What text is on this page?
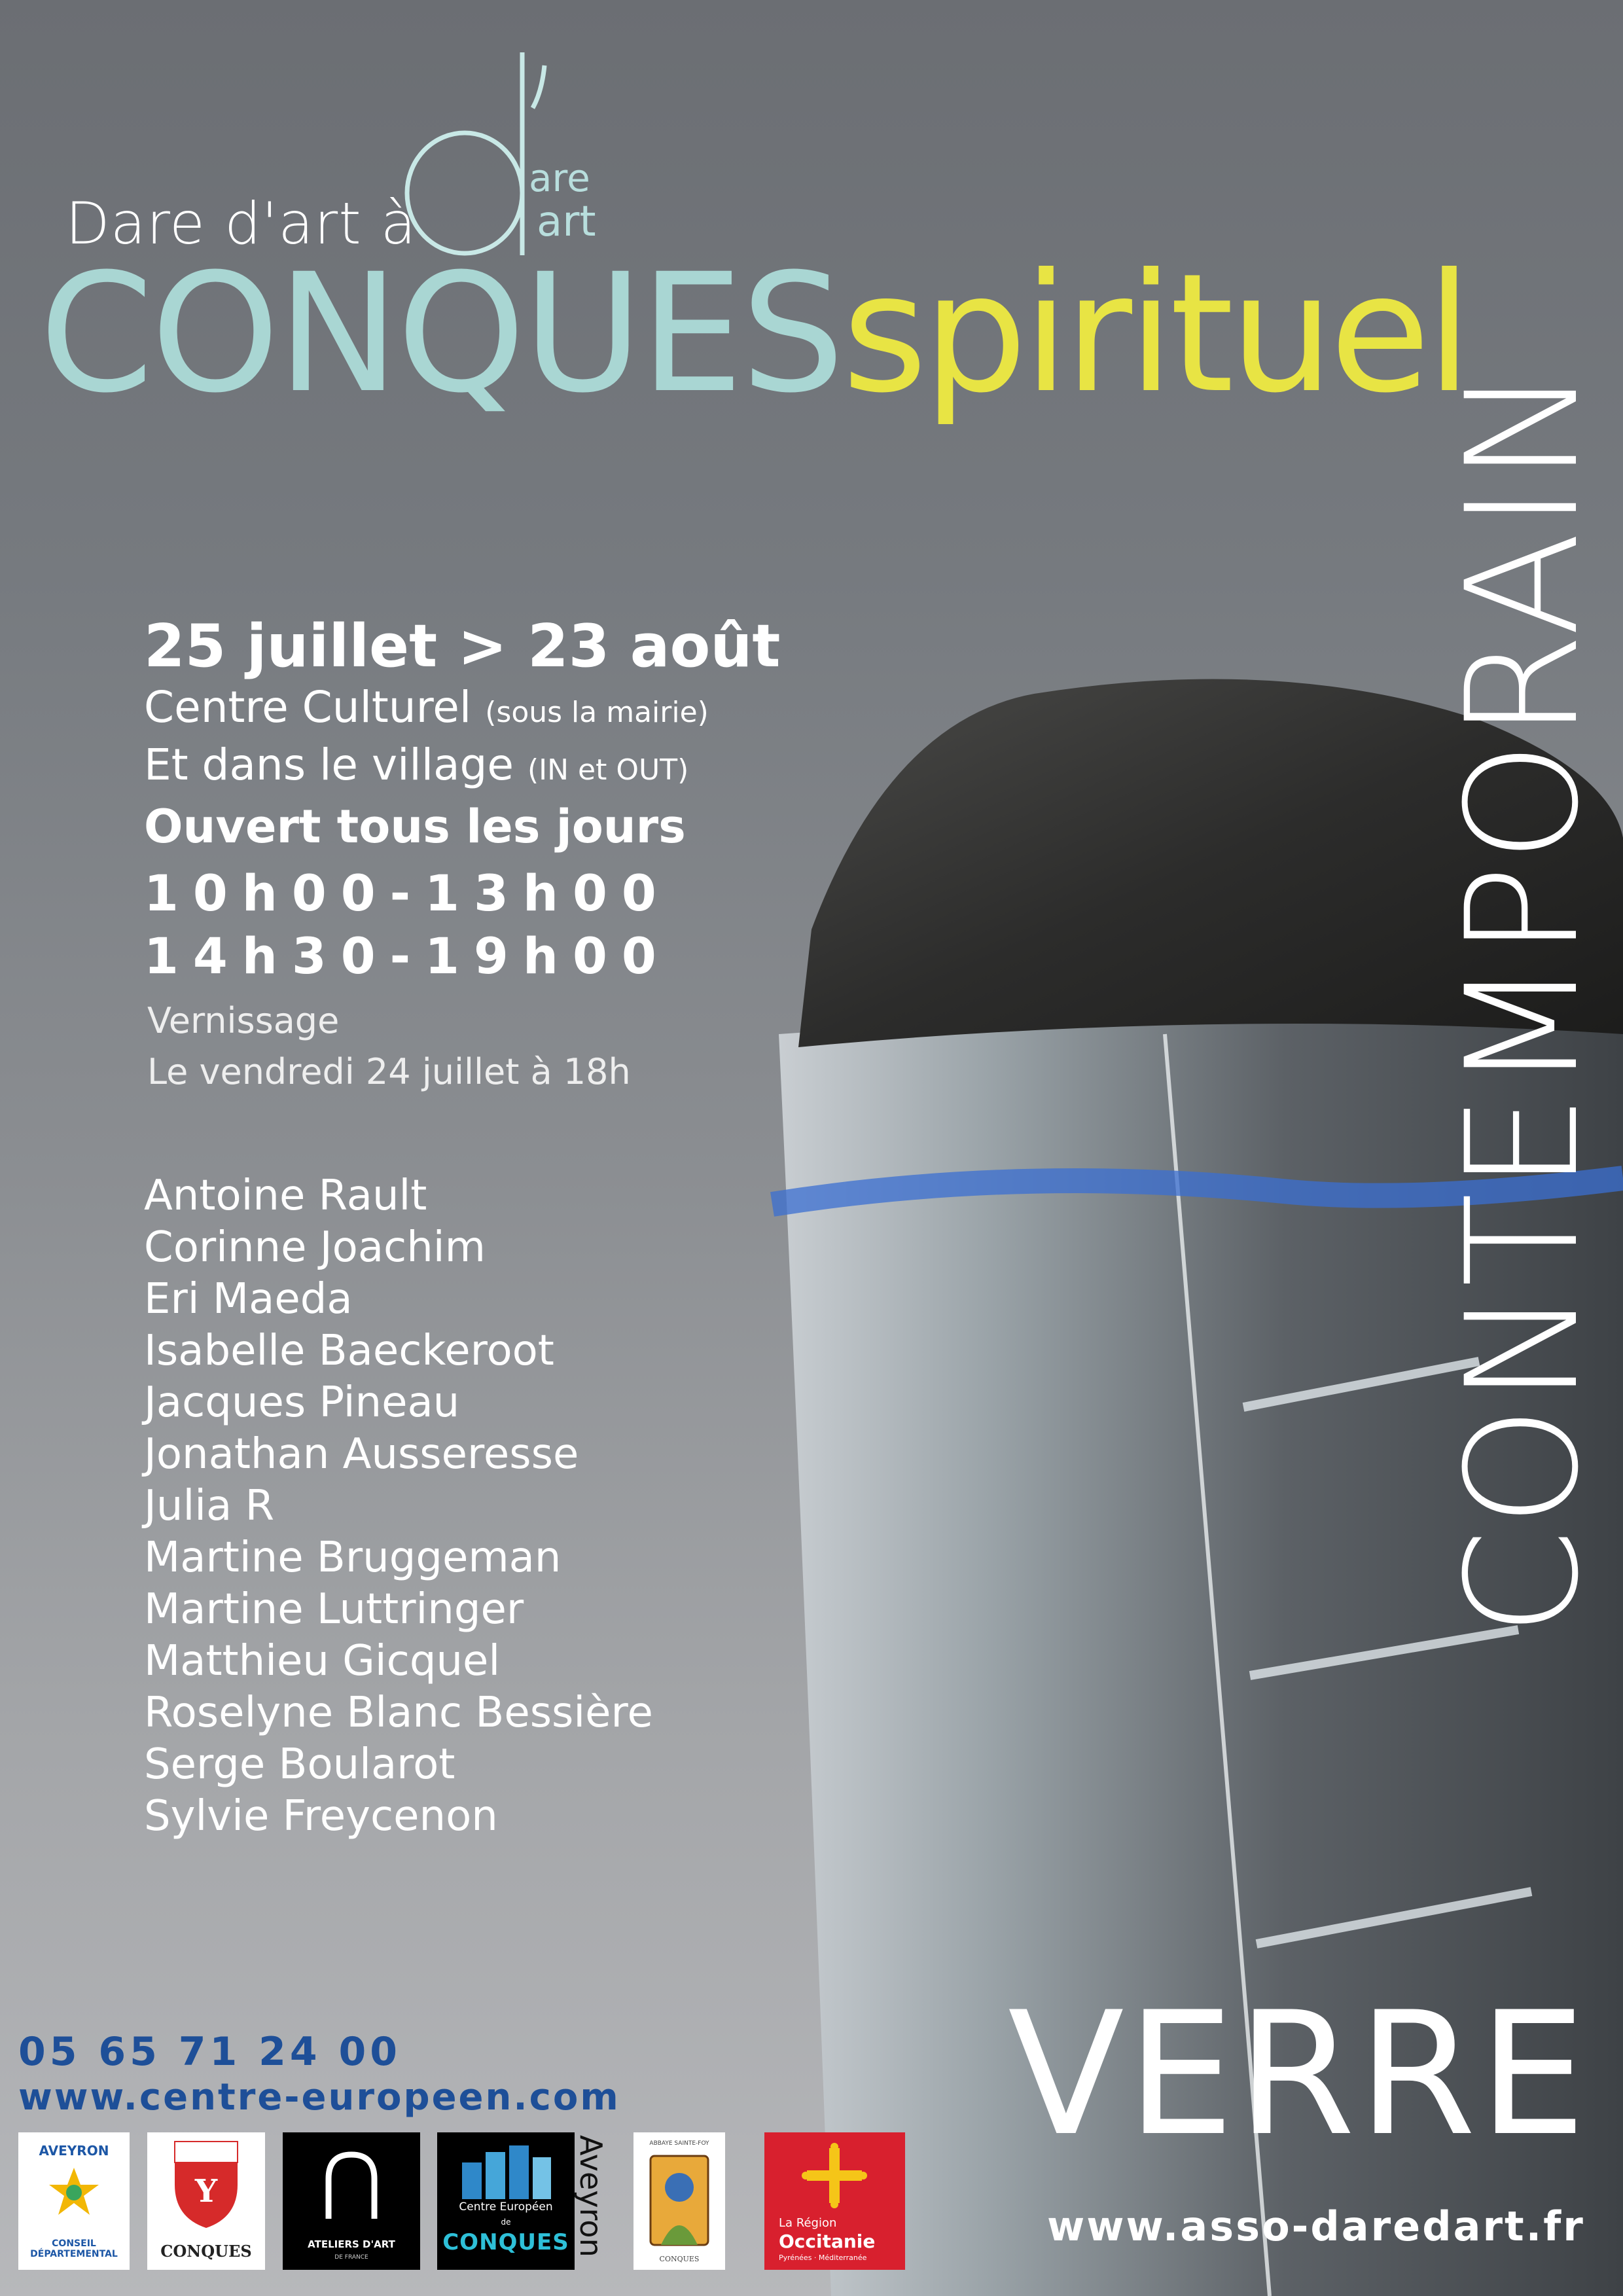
Dare d'art à
are
art
CONQUESspirituel
CONTEMPORAIN
VERRE
25 juillet > 23 août
Centre Culturel (sous la mairie)
Et dans le village (IN et OUT)
Ouvert tous les jours
10h00-13h00
14h30-19h00
Vernissage
Le vendredi 24 juillet à 18h
Antoine Rault
Corinne Joachim
Eri Maeda
Isabelle Baeckeroot
Jacques Pineau
Jonathan Ausseresse
Julia R
Martine Bruggeman
Martine Luttringer
Matthieu Gicquel
Roselyne Blanc Bessière
Serge Boularot
Sylvie Freycenon
05 65 71 24 00
www.centre-europeen.com
www.asso-daredart.fr
AVEYRON
CONSEIL DÉPARTEMENTAL
Y
CONQUES	ATELIERS D'ART
DE FRANCE
Centre Européen
de
CONQUES Aveyron	ABBAYE SAINTE-FOY
CONQUES
La Région
Occitanie
Pyrénées · Méditerranée
